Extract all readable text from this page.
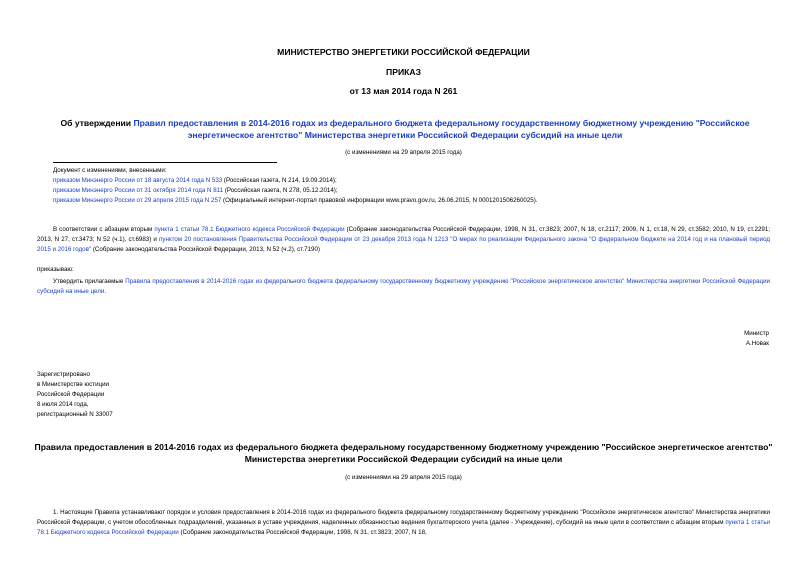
МИНИСТЕРСТВО ЭНЕРГЕТИКИ РОССИЙСКОЙ ФЕДЕРАЦИИ
ПРИКАЗ
от 13 мая 2014 года N 261
Об утверждении Правил предоставления в 2014-2016 годах из федерального бюджета федеральному государственному бюджетному учреждению "Российское энергетическое агентство" Министерства энергетики Российской Федерации субсидий на иные цели
(с изменениями на 29 апреля 2015 года)
Документ с изменениями, внесенными:
приказом Минэнерго России от 18 августа 2014 года N 533 (Российская газета, N 214, 19.09.2014);
приказом Минэнерго России от 31 октября 2014 года N 811 (Российская газета, N 278, 05.12.2014);
приказом Минэнерго России от 29 апреля 2015 года N 257 (Официальный интернет-портал правовой информации www.pravo.gov.ru, 26.06.2015, N 0001201506260025).
В соответствии с абзацем вторым пункта 1 статьи 78.1 Бюджетного кодекса Российской Федерации (Собрание законодательства Российской Федерации, 1998, N 31, ст.3823; 2007, N 18, ст.2117; 2009, N 1, ст.18, N 29, ст.3582; 2010, N 19, ст.2291; 2013, N 27, ст.3473; N 52 (ч.1), ст.6983) и пунктом 20 постановления Правительства Российской Федерации от 23 декабря 2013 года N 1213 "О мерах по реализации Федерального закона "О федеральном бюджете на 2014 год и на плановый период 2015 и 2016 годов" (Собрание законодательства Российской Федерации, 2013, N 52 (ч.2), ст.7190)
приказываю:
Утвердить прилагаемые Правила предоставления в 2014-2016 годах из федерального бюджета федеральному государственному бюджетному учреждению "Российское энергетическое агентство" Министерства энергетики Российской Федерации субсидий на иные цели.
Министр
А.Новак
Зарегистрировано
в Министерстве юстиции
Российской Федерации
8 июля 2014 года,
регистрационный N 33007
Правила предоставления в 2014-2016 годах из федерального бюджета федеральному государственному бюджетному учреждению "Российское энергетическое агентство" Министерства энергетики Российской Федерации субсидий на иные цели
(с изменениями на 29 апреля 2015 года)
1. Настоящие Правила устанавливают порядок и условия предоставления в 2014-2016 годах из федерального бюджета федеральному государственному бюджетному учреждению "Российское энергетическое агентство" Министерства энергетики Российской Федерации, с учетом обособленных подразделений, указанных в уставе учреждения, наделенных обязанностью ведения бухгалтерского учета (далее - Учреждение), субсидий на иные цели в соответствии с абзацем вторым пункта 1 статьи 78.1 Бюджетного кодекса Российской Федерации (Собрание законодательства Российской Федерации, 1998, N 31, ст.3823; 2007, N 18,
